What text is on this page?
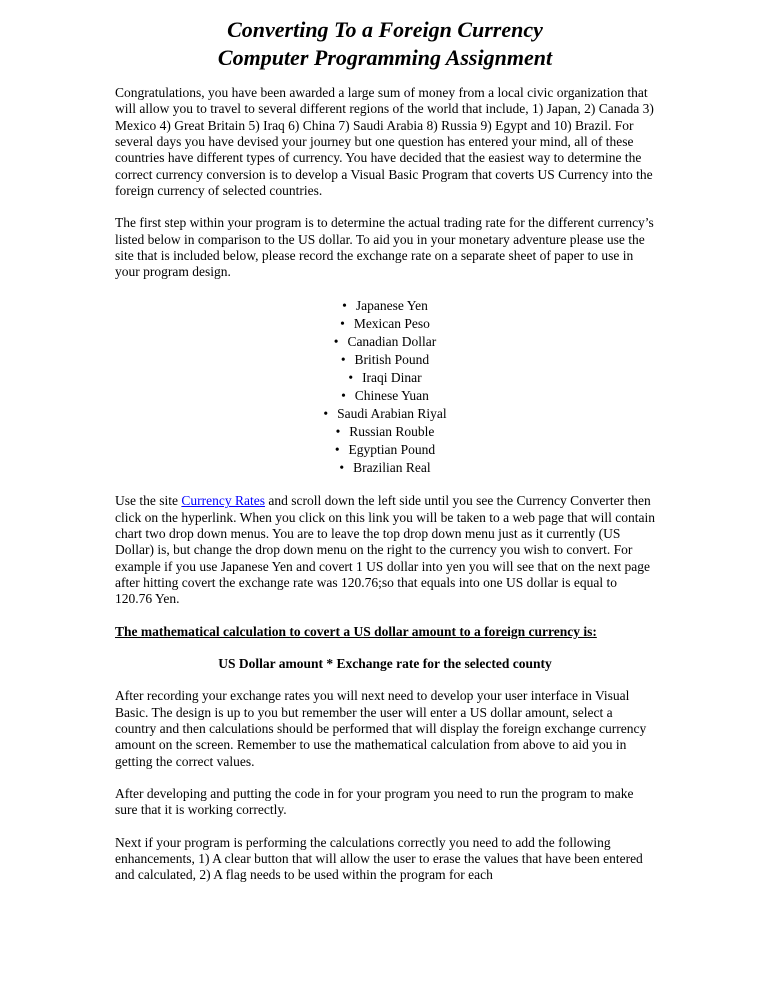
Converting To a Foreign Currency
Computer Programming Assignment

Congratulations, you have been awarded a large sum of money from a local civic organization that will allow you to travel to several different regions of the world that include, 1) Japan, 2) Canada 3) Mexico 4) Great Britain 5) Iraq 6) China 7) Saudi Arabia 8) Russia 9) Egypt and 10) Brazil. For several days you have devised your journey but one question has entered your mind, all of these countries have different types of currency. You have decided that the easiest way to determine the correct currency conversion is to develop a Visual Basic Program that coverts US Currency into the foreign currency of selected countries.

The first step within your program is to determine the actual trading rate for the different currency’s listed below in comparison to the US dollar. To aid you in your monetary adventure please use the site that is included below, please record the exchange rate on a separate sheet of paper to use in your program design.

• Japanese Yen
• Mexican Peso
• Canadian Dollar
• British Pound
• Iraqi Dinar
• Chinese Yuan
• Saudi Arabian Riyal
• Russian Rouble
• Egyptian Pound
• Brazilian Real

Use the site Currency Rates and scroll down the left side until you see the Currency Converter then click on the hyperlink. When you click on this link you will be taken to a web page that will contain chart two drop down menus. You are to leave the top drop down menu just as it currently (US Dollar) is, but change the drop down menu on the right to the currency you wish to convert. For example if you use Japanese Yen and covert 1 US dollar into yen you will see that on the next page after hitting covert the exchange rate was 120.76;so that equals into one US dollar is equal to 120.76 Yen.

The mathematical calculation to covert a US dollar amount to a foreign currency is:

US Dollar amount * Exchange rate for the selected county

After recording your exchange rates you will next need to develop your user interface in Visual Basic. The design is up to you but remember the user will enter a US dollar amount, select a country and then calculations should be performed that will display the foreign exchange currency amount on the screen. Remember to use the mathematical calculation from above to aid you in getting the correct values.

After developing and putting the code in for your program you need to run the program to make sure that it is working correctly.

Next if your program is performing the calculations correctly you need to add the following enhancements, 1) A clear button that will allow the user to erase the values that have been entered and calculated, 2) A flag needs to be used within the program for each
